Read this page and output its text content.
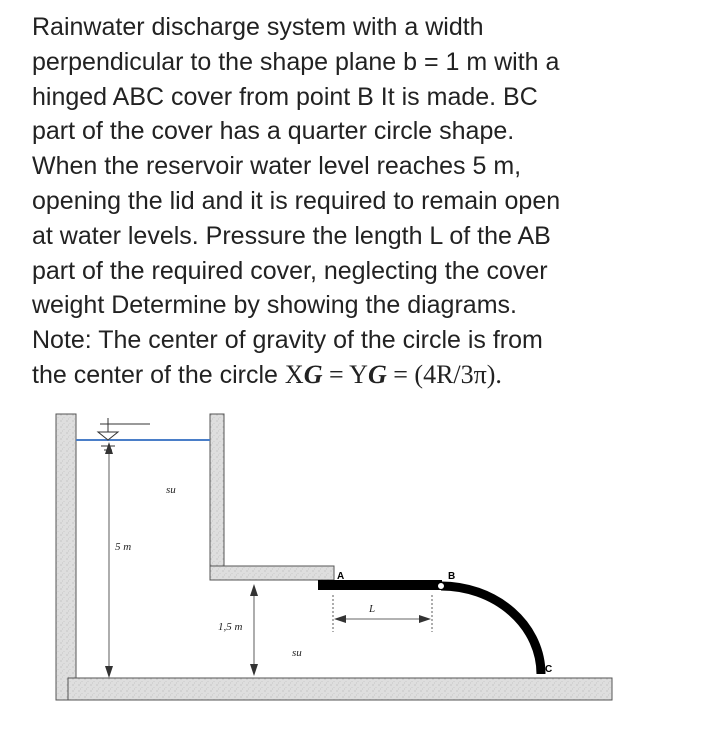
Rainwater discharge system with a width
perpendicular to the shape plane b = 1 m with a
hinged ABC cover from point B It is made. BC
part of the cover has a quarter circle shape.
When the reservoir water level reaches 5 m,
opening the lid and it is required to remain open
at water levels. Pressure the length L of the AB
part of the required cover, neglecting the cover
weight Determine by showing the diagrams.
Note: The center of gravity of the circle is from
the center of the circle XG = YG = (4R/3π).
5 m
su
1,5 m
su
L
A	B
C
